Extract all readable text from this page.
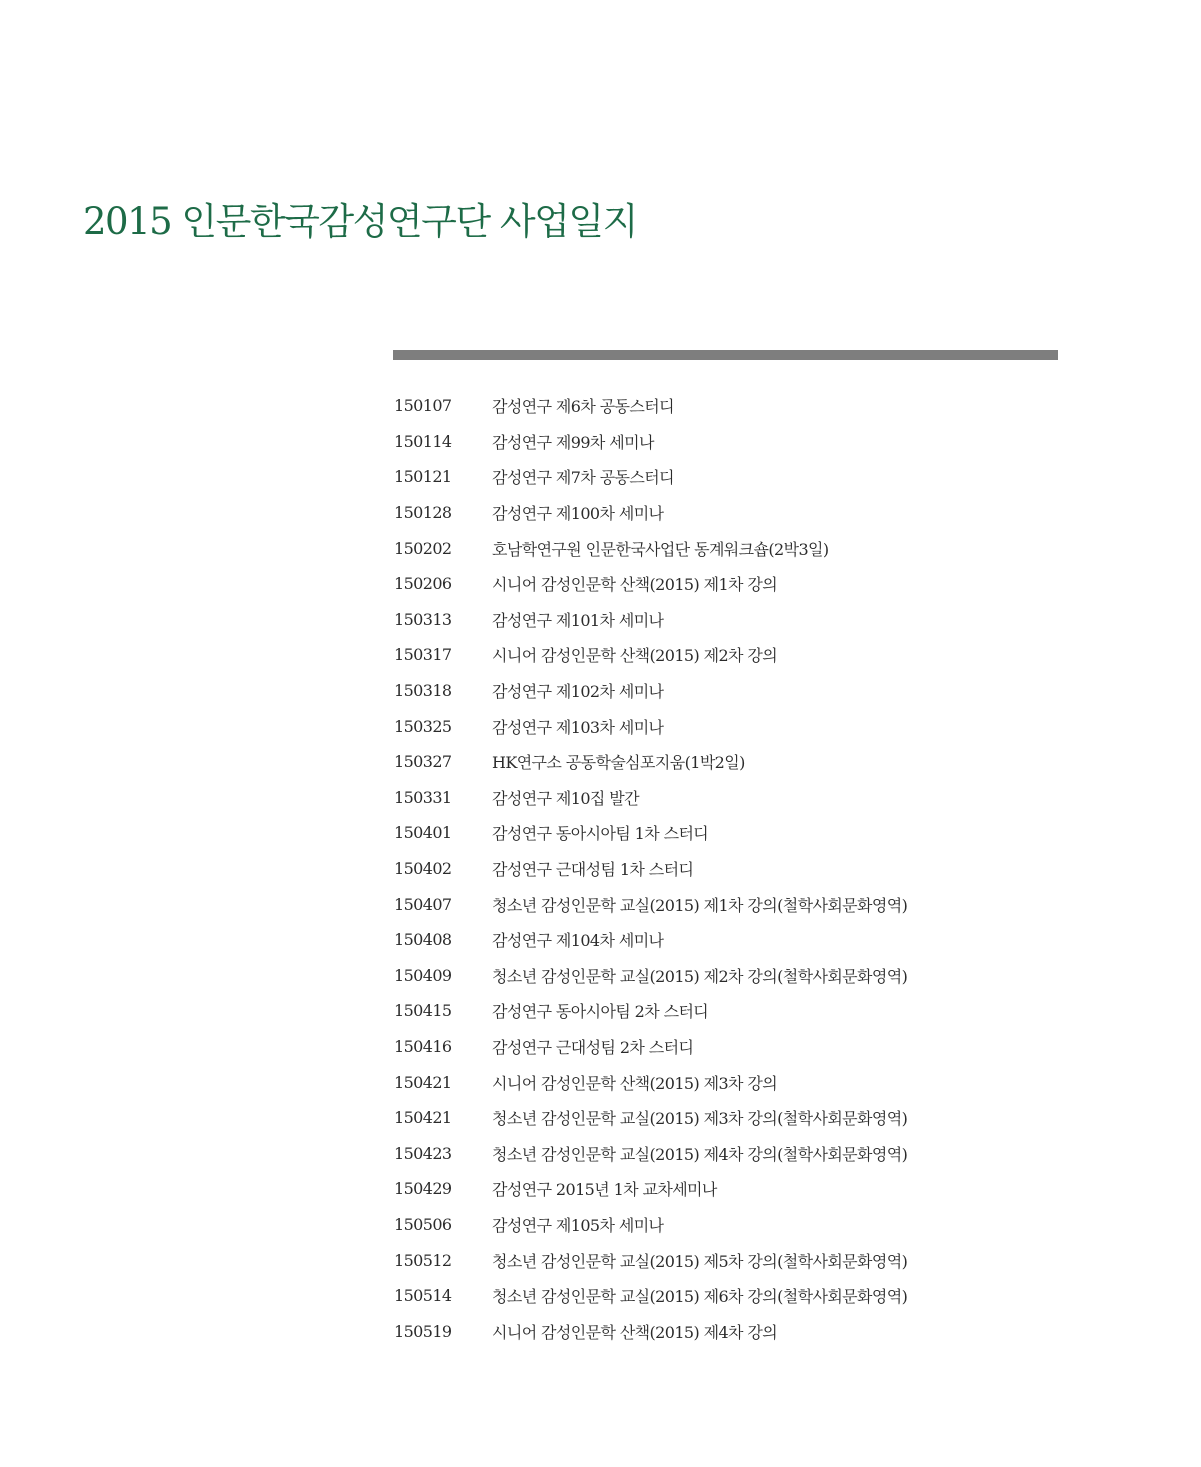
2015 인문한국감성연구단 사업일지
150107	감성연구 제6차 공동스터디
150114	감성연구 제99차 세미나
150121	감성연구 제7차 공동스터디
150128	감성연구 제100차 세미나
150202	호남학연구원 인문한국사업단 동계워크숍(2박3일)
150206	시니어 감성인문학 산책(2015) 제1차 강의
150313	감성연구 제101차 세미나
150317	시니어 감성인문학 산책(2015) 제2차 강의
150318	감성연구 제102차 세미나
150325	감성연구 제103차 세미나
150327	HK연구소 공동학술심포지움(1박2일)
150331	감성연구 제10집 발간
150401	감성연구 동아시아팀 1차 스터디
150402	감성연구 근대성팀 1차 스터디
150407	청소년 감성인문학 교실(2015) 제1차 강의(철학사회문화영역)
150408	감성연구 제104차 세미나
150409	청소년 감성인문학 교실(2015) 제2차 강의(철학사회문화영역)
150415	감성연구 동아시아팀 2차 스터디
150416	감성연구 근대성팀 2차 스터디
150421	시니어 감성인문학 산책(2015) 제3차 강의
150421	청소년 감성인문학 교실(2015) 제3차 강의(철학사회문화영역)
150423	청소년 감성인문학 교실(2015) 제4차 강의(철학사회문화영역)
150429	감성연구 2015년 1차 교차세미나
150506	감성연구 제105차 세미나
150512	청소년 감성인문학 교실(2015) 제5차 강의(철학사회문화영역)
150514	청소년 감성인문학 교실(2015) 제6차 강의(철학사회문화영역)
150519	시니어 감성인문학 산책(2015) 제4차 강의
